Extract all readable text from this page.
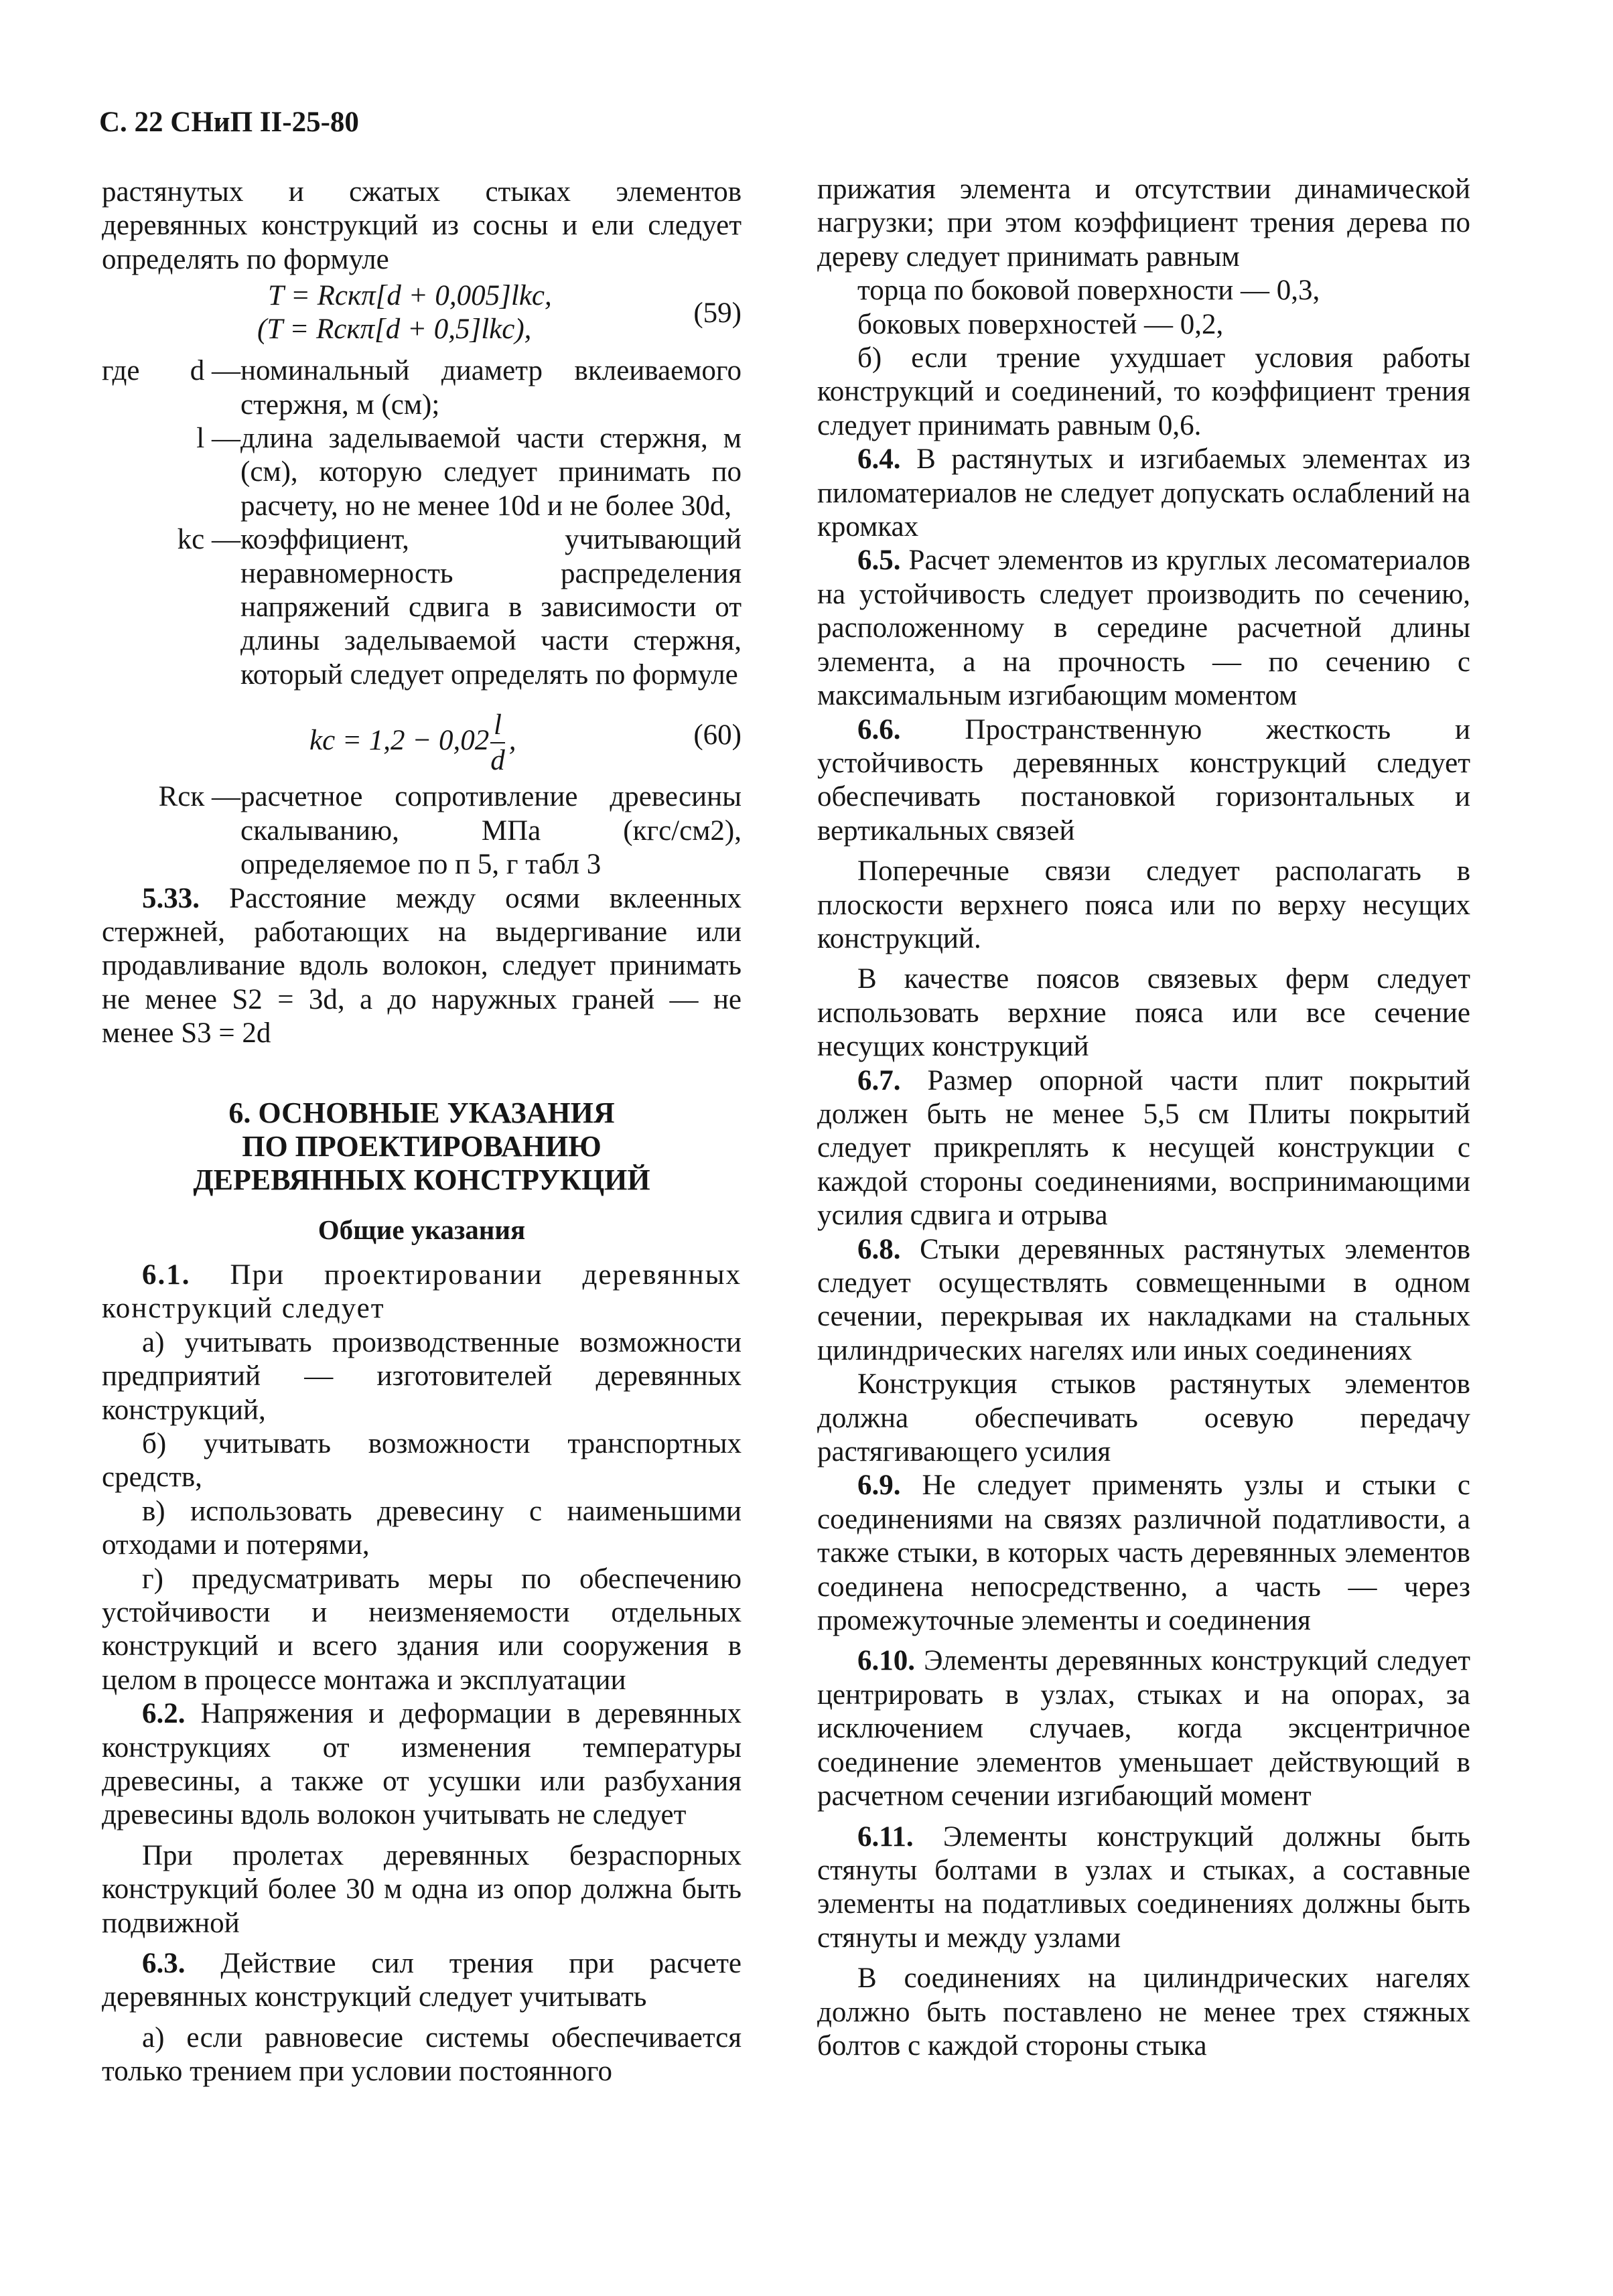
С. 22 СНиП II-25-80

растянутых и сжатых стыках элементов деревянных конструкций из сосны и ели следует определять по формуле

T = Rскπ[d + 0,005]lkс,
(T = Rскπ[d + 0,5]lkс),
(59)

где d — номинальный диаметр вклеиваемого стержня, м (см);

l — длина заделываемой части стержня, м (см), которую следует принимать по расчету, но не менее 10d и не более 30d,

kс — коэффициент, учитывающий неравномерность распределения напряжений сдвига в зависимости от длины заделываемой части стержня, который следует определять по формуле

kc = $1,2 - 0,02 \frac{l}{d}$ ,	(60)

Rск — расчетное сопротивление древесины скалыванию, МПа (кгс/см2), определяемое по п 5, г табл 3

5.33. Расстояние между осями вклеенных стержней, работающих на выдергивание или продавливание вдоль волокон, следует принимать не менее S2 = 3d, а до наружных граней — не менее S3 = 2d

6. ОСНОВНЫЕ УКАЗАНИЯ
ПО ПРОЕКТИРОВАНИЮ
ДЕРЕВЯННЫХ КОНСТРУКЦИЙ
Общие указания

6.1. При проектировании деревянных конструкций следует

а) учитывать производственные возможности предприятий — изготовителей деревянных конструкций,

б) учитывать возможности транспортных средств,

в) использовать древесину с наименьшими отходами и потерями,

г) предусматривать меры по обеспечению устойчивости и неизменяемости отдельных конструкций и всего здания или сооружения в целом в процессе монтажа и эксплуатации

6.2. Напряжения и деформации в деревянных конструкциях от изменения температуры древесины, а также от усушки или разбухания древесины вдоль волокон учитывать не следует

При пролетах деревянных безраспорных конструкций более 30 м одна из опор должна быть подвижной

6.3. Действие сил трения при расчете деревянных конструкций следует учитывать

а) если равновесие системы обеспечивается только трением при условии постоянного

прижатия элемента и отсутствии динамической нагрузки; при этом коэффициент трения дерева по дереву следует принимать равным

торца по боковой поверхности — 0,3,

боковых поверхностей — 0,2,

б) если трение ухудшает условия работы конструкций и соединений, то коэффициент трения следует принимать равным 0,6.

6.4. В растянутых и изгибаемых элементах из пиломатериалов не следует допускать ослаблений на кромках

6.5. Расчет элементов из круглых лесоматериалов на устойчивость следует производить по сечению, расположенному в середине расчетной длины элемента, а на прочность — по сечению с максимальным изгибающим моментом

6.6. Пространственную жесткость и устойчивость деревянных конструкций следует обеспечивать постановкой горизонтальных и вертикальных связей

Поперечные связи следует располагать в плоскости верхнего пояса или по верху несущих конструкций.

В качестве поясов связевых ферм следует использовать верхние пояса или все сечение несущих конструкций

6.7. Размер опорной части плит покрытий должен быть не менее 5,5 см Плиты покрытий следует прикреплять к несущей конструкции с каждой стороны соединениями, воспринимающими усилия сдвига и отрыва

6.8. Стыки деревянных растянутых элементов следует осуществлять совмещенными в одном сечении, перекрывая их накладками на стальных цилиндрических нагелях или иных соединениях

Конструкция стыков растянутых элементов должна обеспечивать осевую передачу растягивающего усилия

6.9. Не следует применять узлы и стыки с соединениями на связях различной податливости, а также стыки, в которых часть деревянных элементов соединена непосредственно, а часть — через промежуточные элементы и соединения

6.10. Элементы деревянных конструкций следует центрировать в узлах, стыках и на опорах, за исключением случаев, когда эксцентричное соединение элементов уменьшает действующий в расчетном сечении изгибающий момент

6.11. Элементы конструкций должны быть стянуты болтами в узлах и стыках, а составные элементы на податливых соединениях должны быть стянуты и между узлами

В соединениях на цилиндрических нагелях должно быть поставлено не менее трех стяжных болтов с каждой стороны стыка
